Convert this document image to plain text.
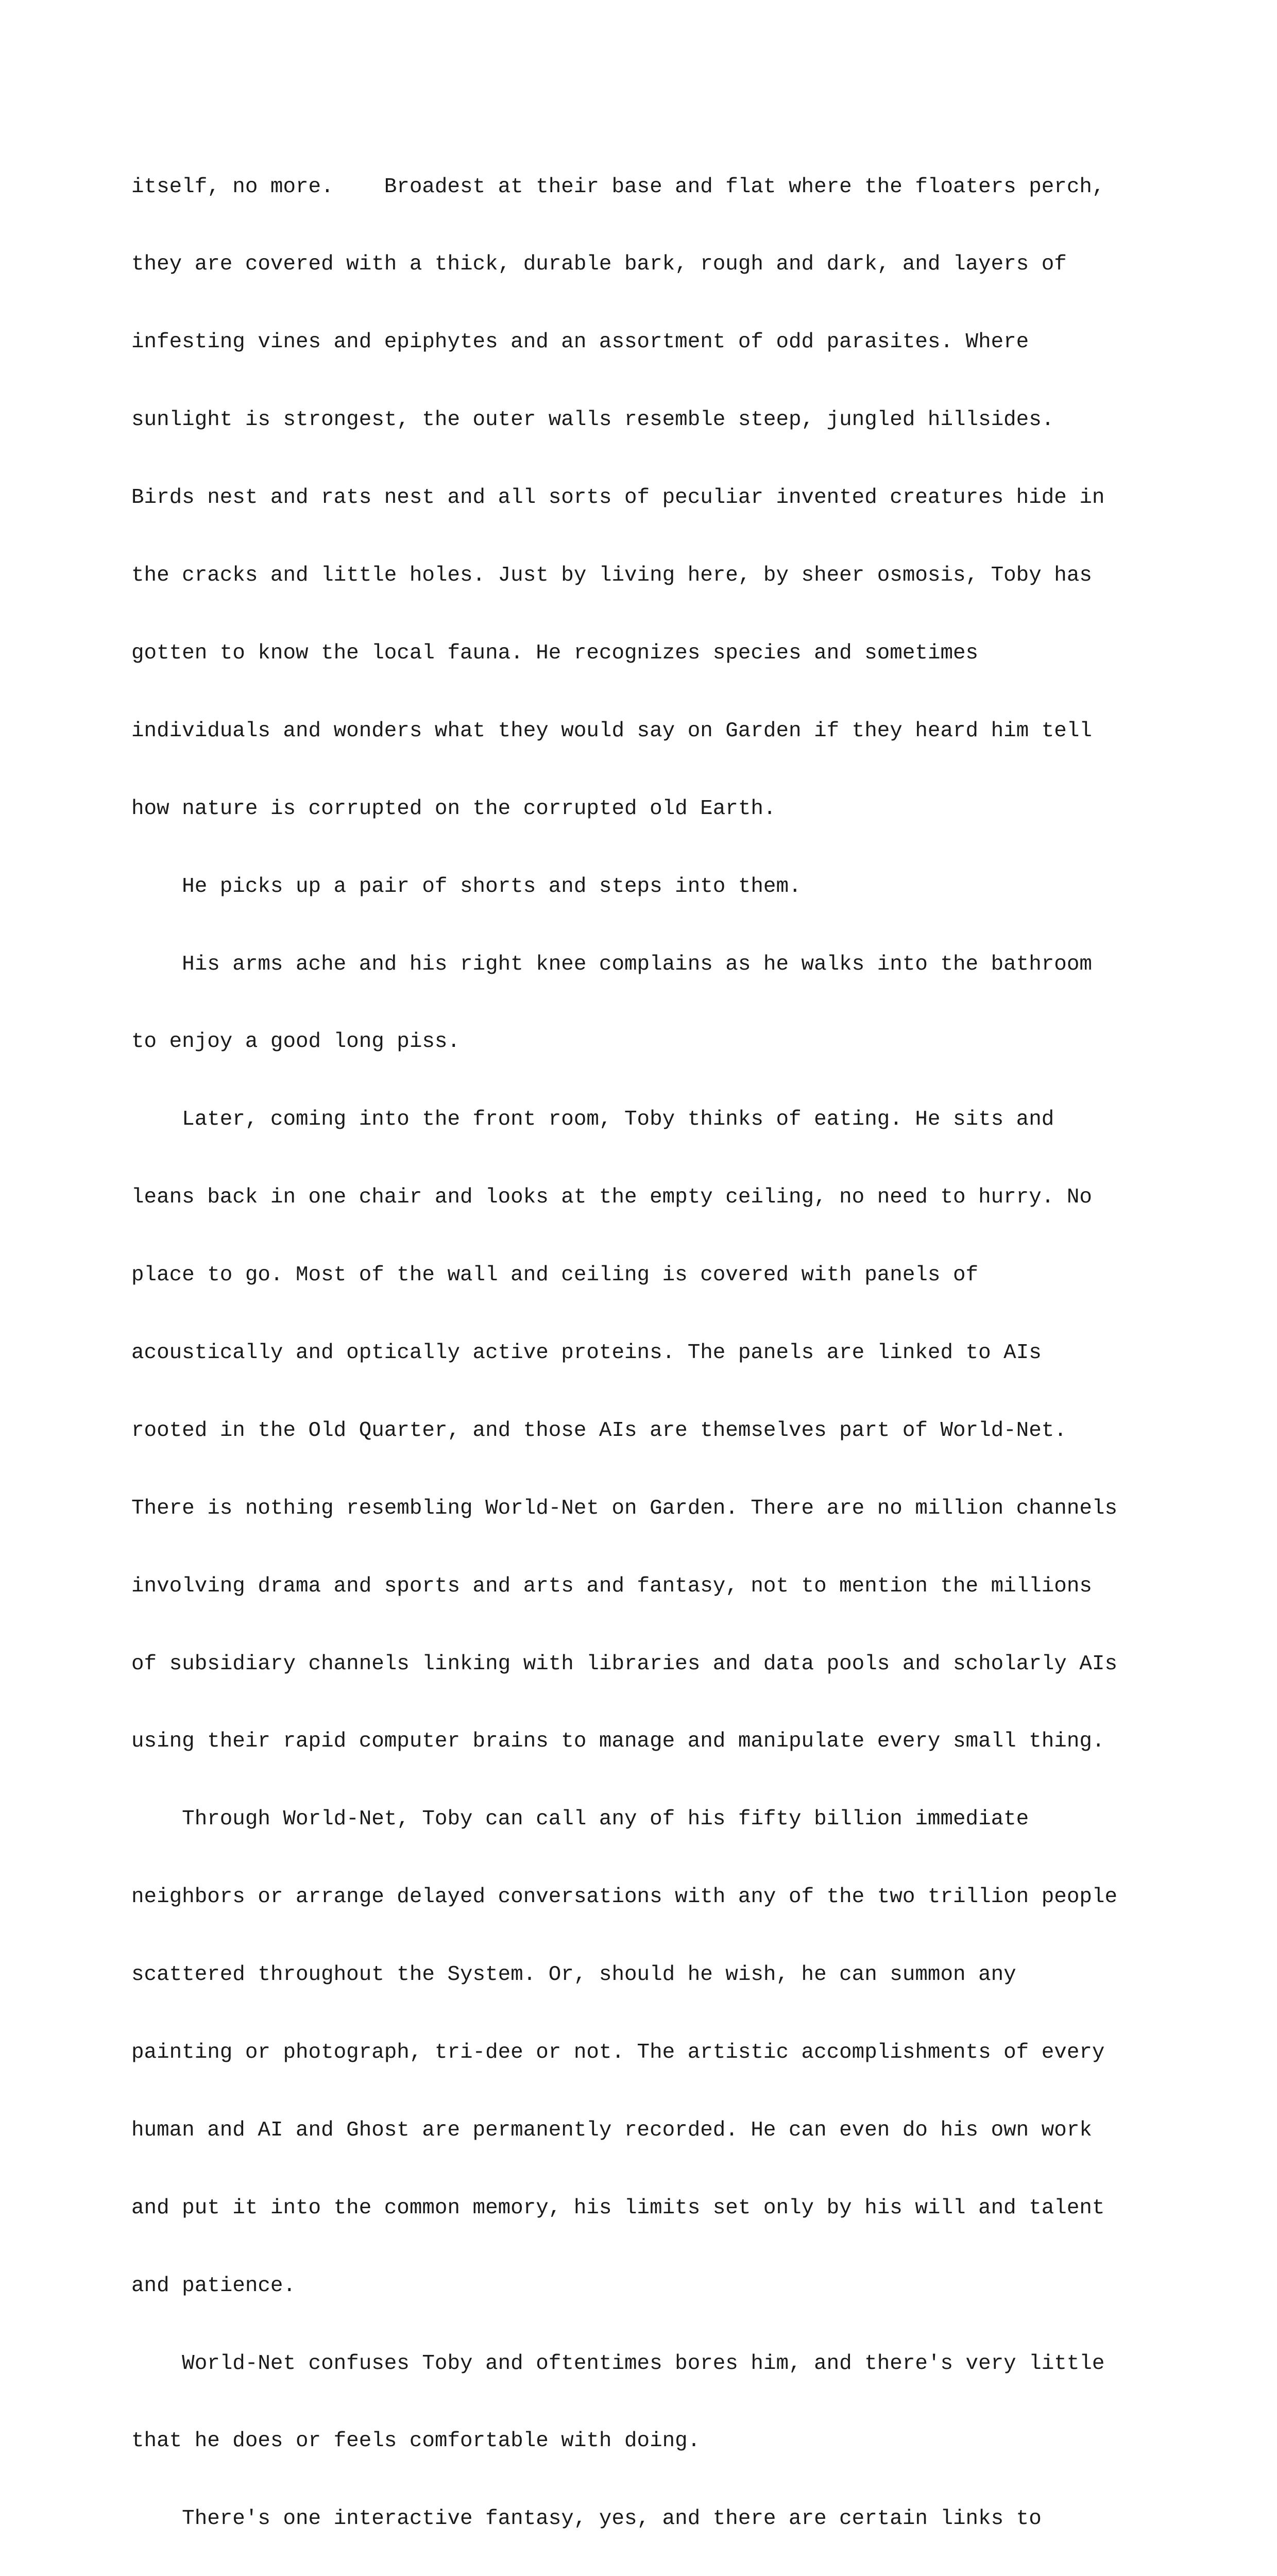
itself, no more.    Broadest at their base and flat where the floaters perch,

they are covered with a thick, durable bark, rough and dark, and layers of

infesting vines and epiphytes and an assortment of odd parasites. Where

sunlight is strongest, the outer walls resemble steep, jungled hillsides.

Birds nest and rats nest and all sorts of peculiar invented creatures hide in

the cracks and little holes. Just by living here, by sheer osmosis, Toby has

gotten to know the local fauna. He recognizes species and sometimes

individuals and wonders what they would say on Garden if they heard him tell

how nature is corrupted on the corrupted old Earth.

He picks up a pair of shorts and steps into them.

His arms ache and his right knee complains as he walks into the bathroom

to enjoy a good long piss.

Later, coming into the front room, Toby thinks of eating. He sits and

leans back in one chair and looks at the empty ceiling, no need to hurry. No

place to go. Most of the wall and ceiling is covered with panels of

acoustically and optically active proteins. The panels are linked to AIs

rooted in the Old Quarter, and those AIs are themselves part of World-Net.

There is nothing resembling World-Net on Garden. There are no million channels

involving drama and sports and arts and fantasy, not to mention the millions

of subsidiary channels linking with libraries and data pools and scholarly AIs

using their rapid computer brains to manage and manipulate every small thing.

Through World-Net, Toby can call any of his fifty billion immediate

neighbors or arrange delayed conversations with any of the two trillion people

scattered throughout the System. Or, should he wish, he can summon any

painting or photograph, tri-dee or not. The artistic accomplishments of every

human and AI and Ghost are permanently recorded. He can even do his own work

and put it into the common memory, his limits set only by his will and talent

and patience.

World-Net confuses Toby and oftentimes bores him, and there's very little

that he does or feels comfortable with doing.

There's one interactive fantasy, yes, and there are certain links to
